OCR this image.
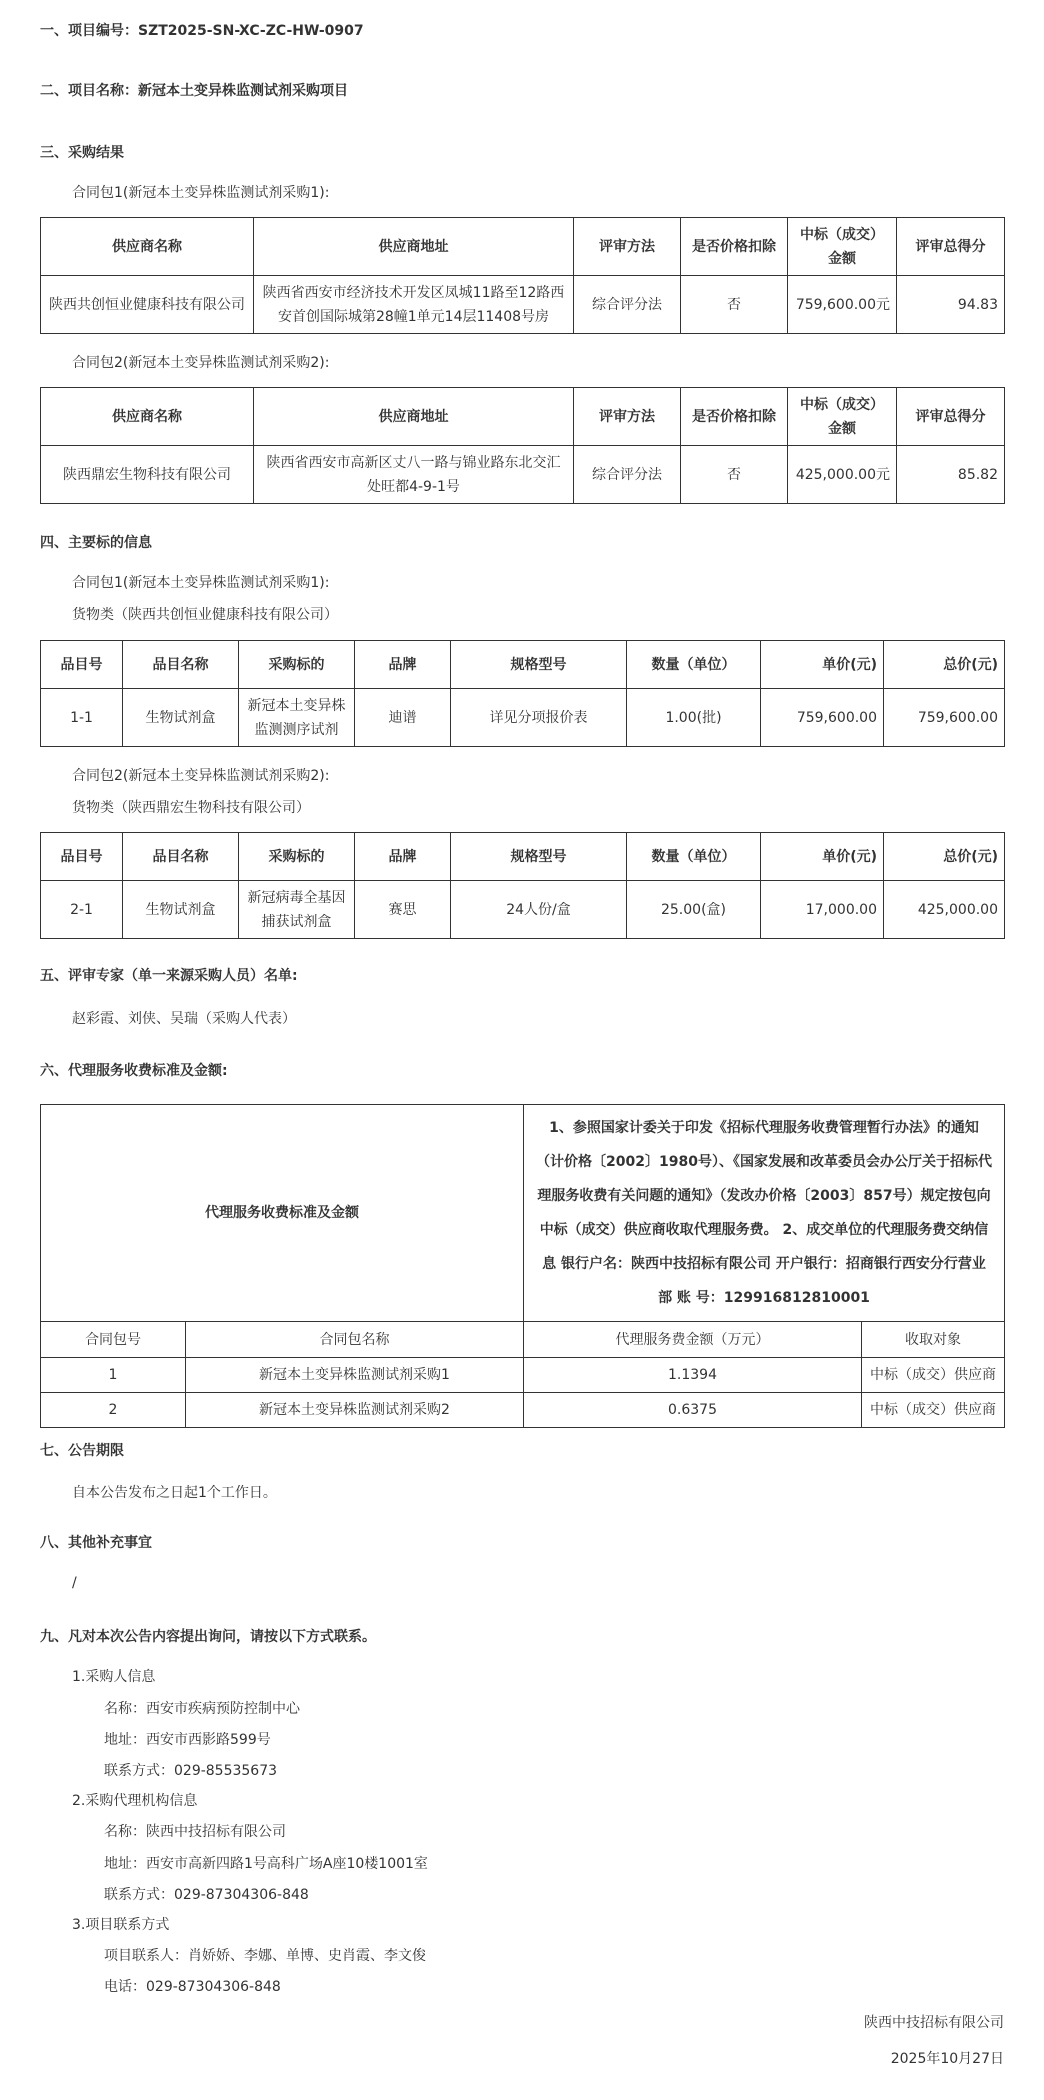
一、项目编号：SZT2025-SN-XC-ZC-HW-0907
二、项目名称：新冠本土变异株监测试剂采购项目
三、采购结果
合同包1(新冠本土变异株监测试剂采购1):
供应商名称	供应商地址	评审方法	是否价格扣除	中标（成交）金额	评审总得分
陕西共创恒业健康科技有限公司	陕西省西安市经济技术开发区凤城11路至12路西安首创国际城第28幢1单元14层11408号房	综合评分法	否	759,600.00元	94.83
合同包2(新冠本土变异株监测试剂采购2):
供应商名称	供应商地址	评审方法	是否价格扣除	中标（成交）金额	评审总得分
陕西鼎宏生物科技有限公司	陕西省西安市高新区丈八一路与锦业路东北交汇处旺都4-9-1号	综合评分法	否	425,000.00元	85.82
四、主要标的信息
合同包1(新冠本土变异株监测试剂采购1):
货物类（陕西共创恒业健康科技有限公司）
品目号	品目名称	采购标的	品牌	规格型号	数量（单位）	单价(元)	总价(元)
1-1	生物试剂盒	新冠本土变异株监测测序试剂	迪谱	详见分项报价表	1.00(批)	759,600.00	759,600.00
合同包2(新冠本土变异株监测试剂采购2):
货物类（陕西鼎宏生物科技有限公司）
品目号	品目名称	采购标的	品牌	规格型号	数量（单位）	单价(元)	总价(元)
2-1	生物试剂盒	新冠病毒全基因捕获试剂盒	赛思	24人份/盒	25.00(盒)	17,000.00	425,000.00
五、评审专家（单一来源采购人员）名单:
赵彩霞、刘侠、吴瑞（采购人代表）
六、代理服务收费标准及金额:
代理服务收费标准及金额		1、参照国家计委关于印发《招标代理服务收费管理暂行办法》的通知（计价格〔2002〕1980号）、《国家发展和改革委员会办公厅关于招标代理服务收费有关问题的通知》（发改办价格〔2003〕857号）规定按包向中标（成交）供应商收取代理服务费。 2、成交单位的代理服务费交纳信息 银行户名：陕西中技招标有限公司 开户银行：招商银行西安分行营业部 账 号：129916812810001	
合同包号	合同包名称	代理服务费金额（万元）	收取对象
1	新冠本土变异株监测试剂采购1	1.1394	中标（成交）供应商
2	新冠本土变异株监测试剂采购2	0.6375	中标（成交）供应商
七、公告期限
自本公告发布之日起1个工作日。
八、其他补充事宜
/
九、凡对本次公告内容提出询问，请按以下方式联系。
1.采购人信息
名称：西安市疾病预防控制中心
地址：西安市西影路599号
联系方式：029-85535673
2.采购代理机构信息
名称：陕西中技招标有限公司
地址：西安市高新四路1号高科广场A座10楼1001室
联系方式：029-87304306-848
3.项目联系方式
项目联系人：肖娇娇、李娜、单博、史肖霞、李文俊
电话：029-87304306-848
陕西中技招标有限公司
2025年10月27日
